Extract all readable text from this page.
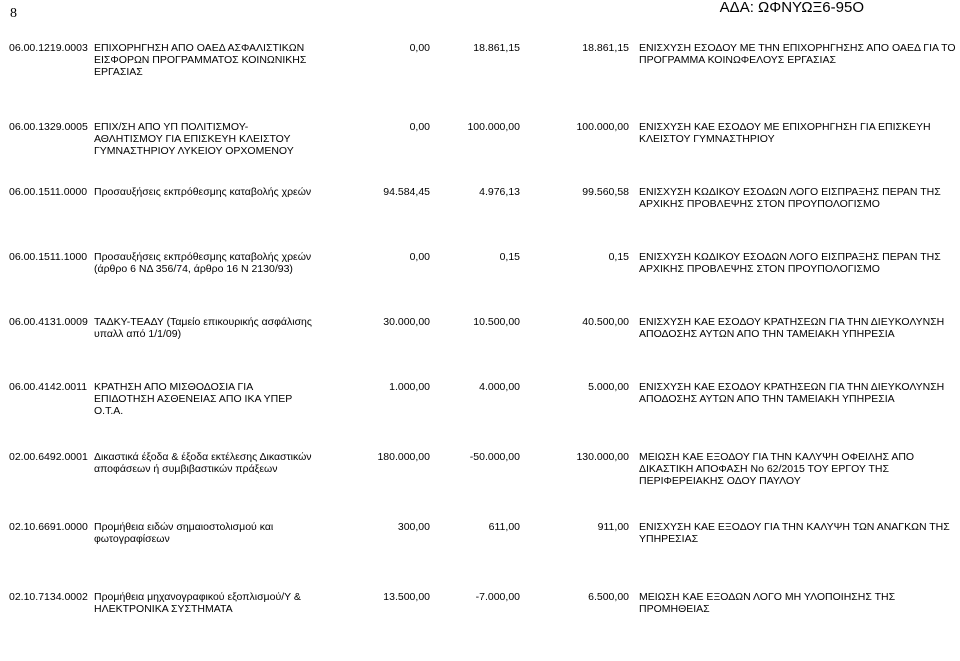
ΑΔΑ: ΩΦΝΥΩΞ6-95Ο
8
06.00.1219.0003	ΕΠΙΧΟΡΗΓΗΣΗ ΑΠΟ ΟΑΕΔ ΑΣΦΑΛΙΣΤΙΚΩΝ ΕΙΣΦΟΡΩΝ ΠΡΟΓΡΑΜΜΑΤΟΣ ΚΟΙΝΩΝΙΚΗΣ ΕΡΓΑΣΙΑΣ	0,00	18.861,15	18.861,15	ΕΝΙΣΧΥΣΗ ΕΣΟΔΟΥ ΜΕ ΤΗΝ ΕΠΙΧΟΡΗΓΗΣΗΣ ΑΠΟ ΟΑΕΔ ΓΙΑ ΤΟ ΠΡΟΓΡΑΜΜΑ ΚΟΙΝΩΦΕΛΟΥΣ ΕΡΓΑΣΙΑΣ
06.00.1329.0005	ΕΠΙΧ/ΣΗ ΑΠΟ ΥΠ ΠΟΛΙΤΙΣΜΟΥ-ΑΘΛΗΤΙΣΜΟΥ ΓΙΑ ΕΠΙΣΚΕΥΗ ΚΛΕΙΣΤΟΥ ΓΥΜΝΑΣΤΗΡΙΟΥ ΛΥΚΕΙΟΥ ΟΡΧΟΜΕΝΟΥ	0,00	100.000,00	100.000,00	ΕΝΙΣΧΥΣΗ ΚΑΕ ΕΣΟΔΟΥ ΜΕ ΕΠΙΧΟΡΗΓΗΣΗ ΓΙΑ ΕΠΙΣΚΕΥΗ ΚΛΕΙΣΤΟΥ ΓΥΜΝΑΣΤΗΡΙΟΥ
06.00.1511.0000	Προσαυξήσεις εκπρόθεσμης καταβολής χρεών	94.584,45	4.976,13	99.560,58	ΕΝΙΣΧΥΣΗ ΚΩΔΙΚΟΥ ΕΣΟΔΩΝ ΛΟΓΟ ΕΙΣΠΡΑΞΗΣ ΠΕΡΑΝ ΤΗΣ ΑΡΧΙΚΗΣ ΠΡΟΒΛΕΨΗΣ ΣΤΟΝ ΠΡΟΥΠΟΛΟΓΙΣΜΟ
06.00.1511.1000	Προσαυξήσεις εκπρόθεσμης καταβολής χρεών (άρθρο 6 ΝΔ 356/74, άρθρο 16 Ν 2130/93)	0,00	0,15	0,15	ΕΝΙΣΧΥΣΗ ΚΩΔΙΚΟΥ ΕΣΟΔΩΝ ΛΟΓΟ ΕΙΣΠΡΑΞΗΣ ΠΕΡΑΝ ΤΗΣ ΑΡΧΙΚΗΣ ΠΡΟΒΛΕΨΗΣ ΣΤΟΝ ΠΡΟΥΠΟΛΟΓΙΣΜΟ
06.00.4131.0009	ΤΑΔΚΥ-ΤΕΑΔΥ (Ταμείο επικουρικής ασφάλισης υπαλλ από 1/1/09)	30.000,00	10.500,00	40.500,00	ΕΝΙΣΧΥΣΗ ΚΑΕ ΕΣΟΔΟΥ ΚΡΑΤΗΣΕΩΝ ΓΙΑ ΤΗΝ ΔΙΕΥΚΟΛΥΝΣΗ ΑΠΟΔΟΣΗΣ ΑΥΤΩΝ ΑΠΟ ΤΗΝ ΤΑΜΕΙΑΚΗ ΥΠΗΡΕΣΙΑ
06.00.4142.0011	ΚΡΑΤΗΣΗ ΑΠΟ ΜΙΣΘΟΔΟΣΙΑ ΓΙΑ ΕΠΙΔΟΤΗΣΗ ΑΣΘΕΝΕΙΑΣ ΑΠΟ ΙΚΑ ΥΠΕΡ Ο.Τ.Α.	1.000,00	4.000,00	5.000,00	ΕΝΙΣΧΥΣΗ ΚΑΕ ΕΣΟΔΟΥ ΚΡΑΤΗΣΕΩΝ ΓΙΑ ΤΗΝ ΔΙΕΥΚΟΛΥΝΣΗ ΑΠΟΔΟΣΗΣ ΑΥΤΩΝ ΑΠΟ ΤΗΝ ΤΑΜΕΙΑΚΗ ΥΠΗΡΕΣΙΑ
02.00.6492.0001	Δικαστικά έξοδα & έξοδα εκτέλεσης Δικαστικών αποφάσεων ή συμβιβαστικών πράξεων	180.000,00	-50.000,00	130.000,00	ΜΕΙΩΣΗ ΚΑΕ ΕΞΟΔΟΥ ΓΙΑ ΤΗΝ ΚΑΛΥΨΗ ΟΦΕΙΛΗΣ ΑΠΟ ΔΙΚΑΣΤΙΚΗ ΑΠΟΦΑΣΗ Νο 62/2015 ΤΟΥ ΕΡΓΟΥ ΤΗΣ ΠΕΡΙΦΕΡΕΙΑΚΗΣ ΟΔΟΥ ΠΑΥΛΟΥ
02.10.6691.0000	Προμήθεια ειδών σημαιοστολισμού και φωτογραφίσεων	300,00	611,00	911,00	ΕΝΙΣΧΥΣΗ ΚΑΕ ΕΞΟΔΟΥ ΓΙΑ ΤΗΝ ΚΑΛΥΨΗ ΤΩΝ ΑΝΑΓΚΩΝ ΤΗΣ ΥΠΗΡΕΣΙΑΣ
02.10.7134.0002	Προμήθεια μηχανογραφικού εξοπλισμού/Υ & ΗΛΕΚΤΡΟΝΙΚΑ ΣΥΣΤΗΜΑΤΑ	13.500,00	-7.000,00	6.500,00	ΜΕΙΩΣΗ ΚΑΕ ΕΞΟΔΩΝ ΛΟΓΟ ΜΗ ΥΛΟΠΟΙΗΣΗΣ ΤΗΣ ΠΡΟΜΗΘΕΙΑΣ
